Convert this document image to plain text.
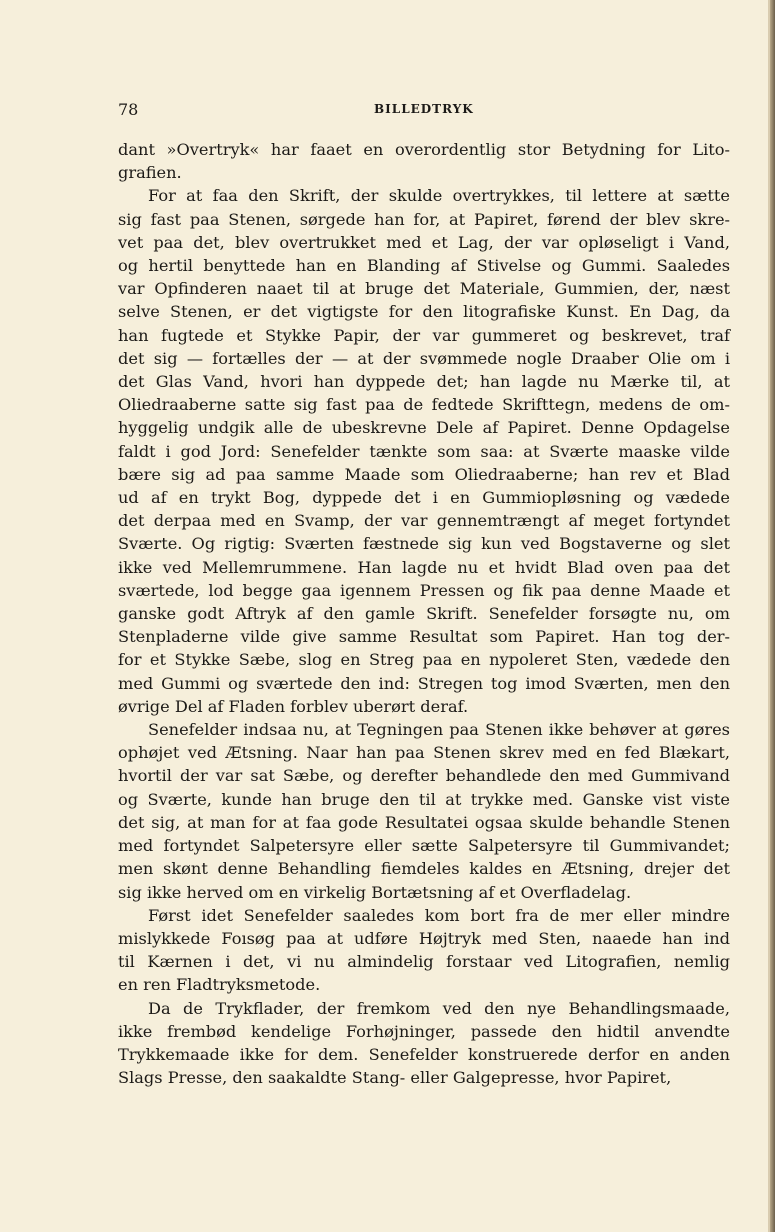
78	BILLEDTRYK

dant »Overtryk« har faaet en overordentlig stor Betydning for Lito-
grafien.

For at faa den Skrift, der skulde overtrykkes, til lettere at sætte
sig fast paa Stenen, sørgede han for, at Papiret, førend der blev skre-
vet paa det, blev overtrukket med et Lag, der var opløseligt i Vand,
og hertil benyttede han en Blanding af Stivelse og Gummi. Saaledes
var Opfinderen naaet til at bruge det Materiale, Gummien, der, næst
selve Stenen, er det vigtigste for den litografiske Kunst. En Dag, da
han fugtede et Stykke Papir, der var gummeret og beskrevet, traf
det sig — fortælles der — at der svømmede nogle Draaber Olie om i
det Glas Vand, hvori han dyppede det; han lagde nu Mærke til, at
Oliedraaberne satte sig fast paa de fedtede Skrifttegn, medens de om-
hyggelig undgik alle de ubeskrevne Dele af Papiret. Denne Opdagelse
faldt i god Jord: Senefelder tænkte som saa: at Sværte maaske vilde
bære sig ad paa samme Maade som Oliedraaberne; han rev et Blad
ud af en trykt Bog, dyppede det i en Gummiopløsning og vædede
det derpaa med en Svamp, der var gennemtrængt af meget fortyndet
Sværte. Og rigtig: Sværten fæstnede sig kun ved Bogstaverne og slet
ikke ved Mellemrummene. Han lagde nu et hvidt Blad oven paa det
sværtede, lod begge gaa igennem Pressen og fik paa denne Maade et
ganske godt Aftryk af den gamle Skrift. Senefelder forsøgte nu, om
Stenpladerne vilde give samme Resultat som Papiret. Han tog der-
for et Stykke Sæbe, slog en Streg paa en nypoleret Sten, vædede den
med Gummi og sværtede den ind: Stregen tog imod Sværten, men den
øvrige Del af Fladen forblev uberørt deraf.

Senefelder indsaa nu, at Tegningen paa Stenen ikke behøver at gøres
ophøjet ved Ætsning. Naar han paa Stenen skrev med en fed Blækart,
hvortil der var sat Sæbe, og derefter behandlede den med Gummivand
og Sværte, kunde han bruge den til at trykke med. Ganske vist viste
det sig, at man for at faa gode Resultatei ogsaa skulde behandle Stenen
med fortyndet Salpetersyre eller sætte Salpetersyre til Gummivandet;
men skønt denne Behandling fiemdeles kaldes en Ætsning, drejer det
sig ikke herved om en virkelig Bortætsning af et Overfladelag.

Først idet Senefelder saaledes kom bort fra de mer eller mindre
mislykkede Foısøg paa at udføre Højtryk med Sten, naaede han ind
til Kærnen i det, vi nu almindelig forstaar ved Litografien, nemlig
en ren Fladtryksmetode.

Da de Trykflader, der fremkom ved den nye Behandlingsmaade,
ikke frembød kendelige Forhøjninger, passede den hidtil anvendte
Trykkemaade ikke for dem. Senefelder konstruerede derfor en anden
Slags Presse, den saakaldte Stang- eller Galgepresse, hvor Papiret,
